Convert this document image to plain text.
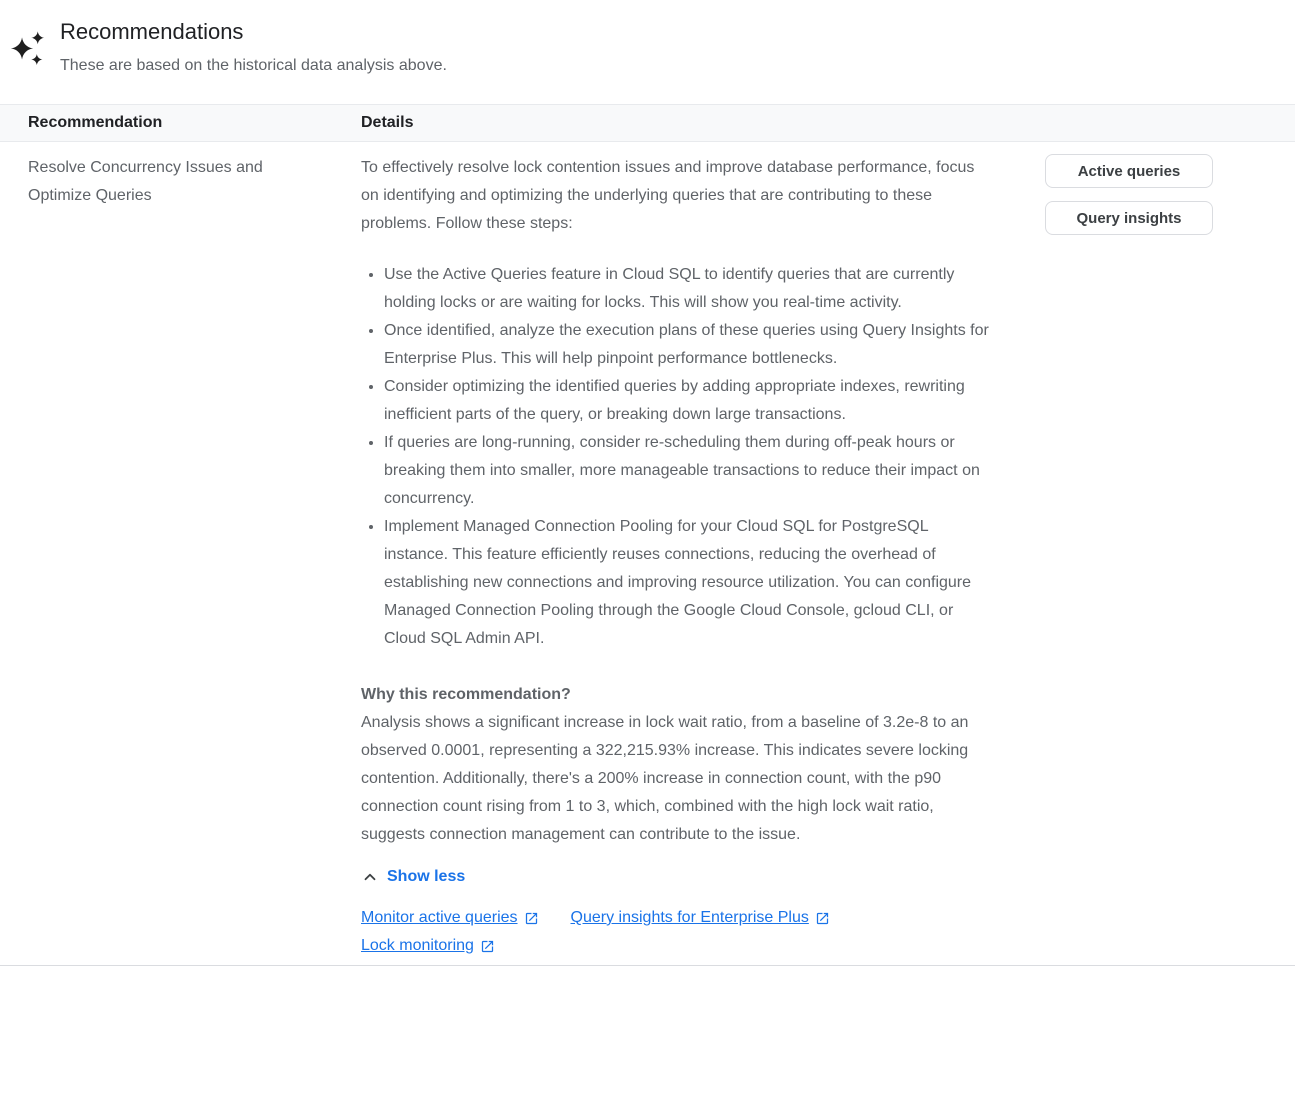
Recommendations

These are based on the historical data analysis above.

Recommendation	Details
Resolve Concurrency Issues and Optimize Queries

To effectively resolve lock contention issues and improve database performance, focus on identifying and optimizing the underlying queries that are contributing to these problems. Follow these steps:

• Use the Active Queries feature in Cloud SQL to identify queries that are currently holding locks or are waiting for locks. This will show you real-time activity.
• Once identified, analyze the execution plans of these queries using Query Insights for Enterprise Plus. This will help pinpoint performance bottlenecks.
• Consider optimizing the identified queries by adding appropriate indexes, rewriting inefficient parts of the query, or breaking down large transactions.
• If queries are long-running, consider re-scheduling them during off-peak hours or breaking them into smaller, more manageable transactions to reduce their impact on concurrency.
• Implement Managed Connection Pooling for your Cloud SQL for PostgreSQL instance. This feature efficiently reuses connections, reducing the overhead of establishing new connections and improving resource utilization. You can configure Managed Connection Pooling through the Google Cloud Console, gcloud CLI, or Cloud SQL Admin API.

Why this recommendation?

Analysis shows a significant increase in lock wait ratio, from a baseline of 3.2e-8 to an observed 0.0001, representing a 322,215.93% increase. This indicates severe locking contention. Additionally, there's a 200% increase in connection count, with the p90 connection count rising from 1 to 3, which, combined with the high lock wait ratio, suggests connection management can contribute to the issue.

Show less
Monitor active queries	Query insights for Enterprise Plus
Lock monitoring
Active queries
Query insights
